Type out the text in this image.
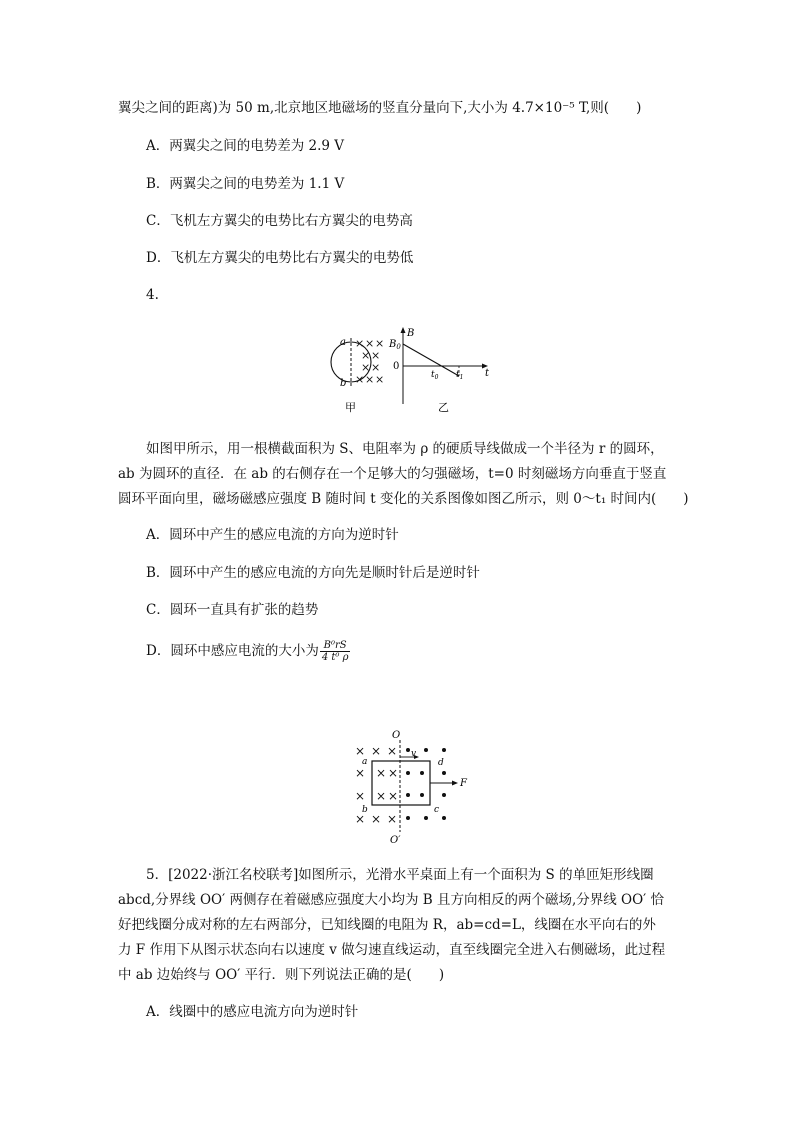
翼尖之间的距离)为 50 m,北京地区地磁场的竖直分量向下,大小为 4.7×10⁻⁵ T,则(　　)
A．两翼尖之间的电势差为 2.9 V
B．两翼尖之间的电势差为 1.1 V
C．飞机左方翼尖的电势比右方翼尖的电势高
D．飞机左方翼尖的电势比右方翼尖的电势低
4.
a
b
× × ×
× ×
× ×
× × ×
B
$B_0$
0
$t_0$ $t_1$ t
甲	乙
如图甲所示，用一根横截面积为 S、电阻率为 ρ 的硬质导线做成一个半径为 r 的圆环，
ab 为圆环的直径．在 ab 的右侧存在一个足够大的匀强磁场，t=0 时刻磁场方向垂直于竖直
圆环平面向里，磁场磁感应强度 B 随时间 t 变化的关系图像如图乙所示，则 0～t₁ 时间内(　　)
A．圆环中产生的感应电流的方向为逆时针
B．圆环中产生的感应电流的方向先是顺时针后是逆时针
C．圆环一直具有扩张的趋势
D．圆环中感应电流的大小为 $\frac{\text{B⁰rS}}{\text{4 t⁰ ρ}}$
O
O′
× × ×
× × ×
× × ×
× × ×
v
F
a
b	c
d
5．[2022·浙江名校联考]如图所示，光滑水平桌面上有一个面积为 S 的单匝矩形线圈
abcd,分界线 OO′ 两侧存在着磁感应强度大小均为 B 且方向相反的两个磁场,分界线 OO′ 恰
好把线圈分成对称的左右两部分，已知线圈的电阻为 R，ab=cd=L，线圈在水平向右的外
力 F 作用下从图示状态向右以速度 v 做匀速直线运动，直至线圈完全进入右侧磁场，此过程
中 ab 边始终与 OO′ 平行．则下列说法正确的是(　　)
A．线圈中的感应电流方向为逆时针
